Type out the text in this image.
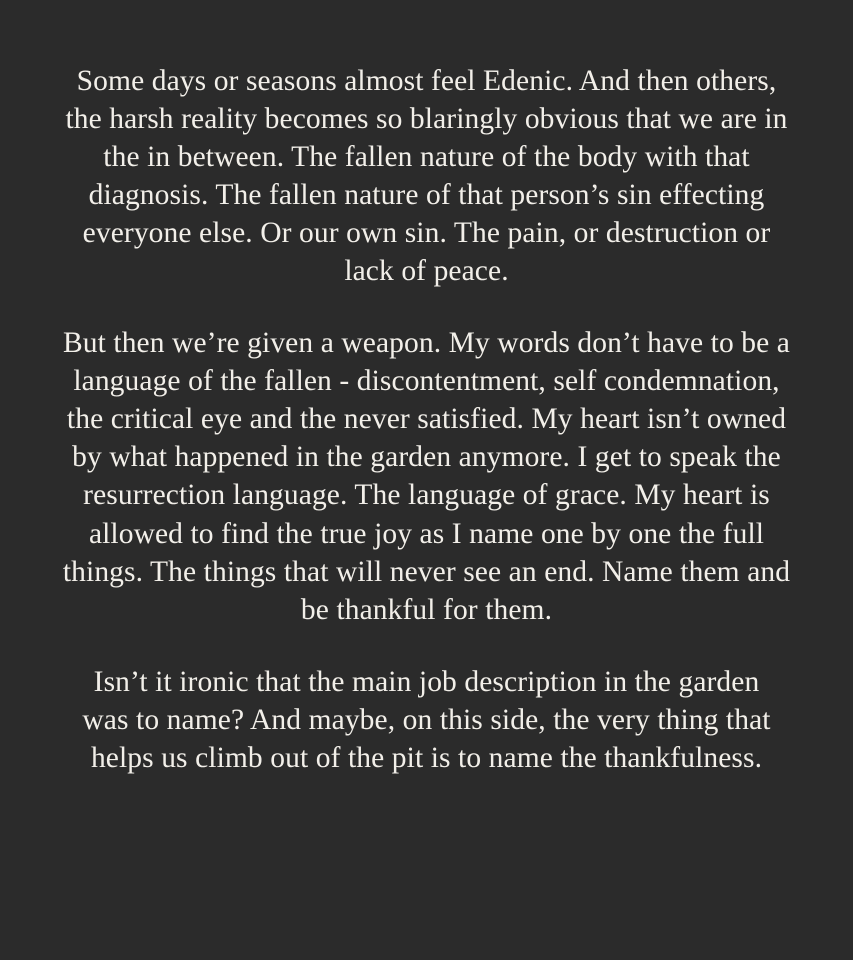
Some days or seasons almost feel Edenic. And then others, the harsh reality becomes so blaringly obvious that we are in the in between. The fallen nature of the body with that diagnosis. The fallen nature of that person’s sin effecting everyone else. Or our own sin. The pain, or destruction or lack of peace.

But then we’re given a weapon. My words don’t have to be a language of the fallen - discontentment, self condemnation, the critical eye and the never satisfied. My heart isn’t owned by what happened in the garden anymore. I get to speak the resurrection language. The language of grace. My heart is allowed to find the true joy as I name one by one the full things. The things that will never see an end. Name them and be thankful for them.

Isn’t it ironic that the main job description in the garden was to name? And maybe, on this side, the very thing that helps us climb out of the pit is to name the thankfulness.
